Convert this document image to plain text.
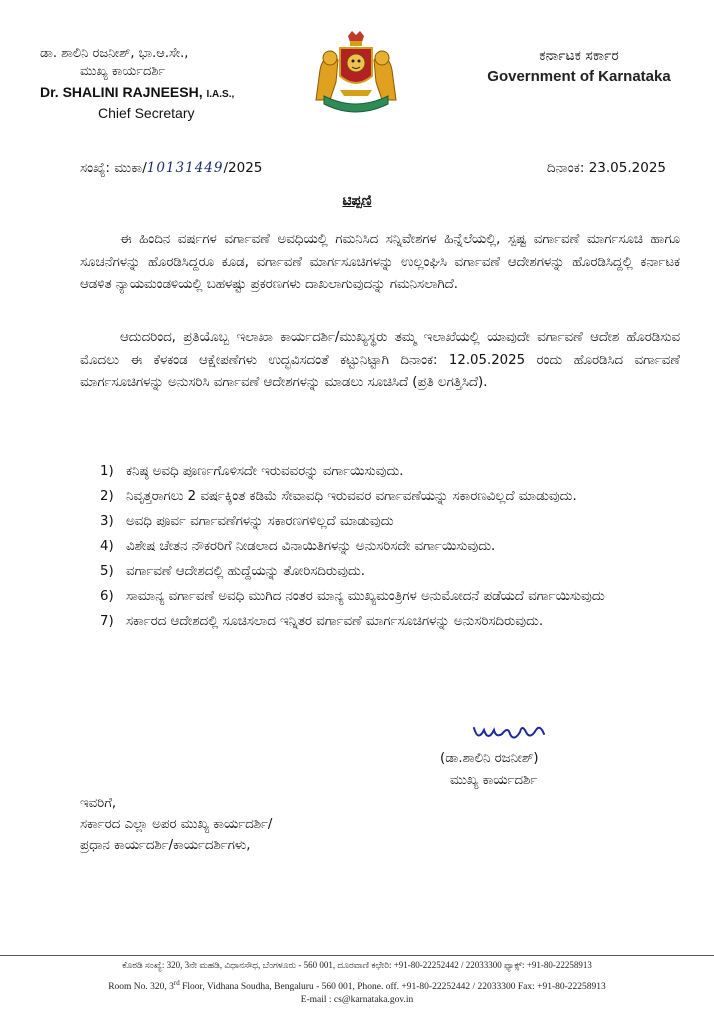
ಡಾ. ಶಾಲಿನಿ ರಜನೀಶ್, ಭಾ.ಆ.ಸೇ.,
ಮುಖ್ಯ ಕಾರ್ಯದರ್ಶಿ
Dr. SHALINI RAJNEESH, I.A.S.,
Chief Secretary
ಕರ್ನಾಟಕ ಸರ್ಕಾರ
Government of Karnataka
ಸಂಖ್ಯೆ: ಮುಕಾ/10131449/2025	ದಿನಾಂಕ: 23.05.2025
ಟಿಪ್ಪಣಿ
ಈ ಹಿಂದಿನ ವರ್ಷಗಳ ವರ್ಗಾವಣೆ ಅವಧಿಯಲ್ಲಿ ಗಮನಿಸಿದ ಸನ್ನಿವೇಶಗಳ ಹಿನ್ನೆಲೆಯಲ್ಲಿ, ಸ್ಪಷ್ಟ ವರ್ಗಾವಣೆ ಮಾರ್ಗಸೂಚಿ ಹಾಗೂ ಸೂಚನೆಗಳನ್ನು ಹೊರಡಿಸಿದ್ದರೂ ಕೂಡ, ವರ್ಗಾವಣೆ ಮಾರ್ಗಸೂಚಿಗಳನ್ನು ಉಲ್ಲಂಘಿಸಿ ವರ್ಗಾವಣೆ ಆದೇಶಗಳನ್ನು ಹೊರಡಿಸಿದ್ದಲ್ಲಿ ಕರ್ನಾಟಕ ಆಡಳಿತ ನ್ಯಾಯಮಂಡಳಿಯಲ್ಲಿ ಬಹಳಷ್ಟು ಪ್ರಕರಣಗಳು ದಾಖಲಾಗುವುದನ್ನು ಗಮನಿಸಲಾಗಿದೆ.
ಆದುದರಿಂದ, ಪ್ರತಿಯೊಬ್ಬ ಇಲಾಖಾ ಕಾರ್ಯದರ್ಶಿ/ಮುಖ್ಯಸ್ಥರು ತಮ್ಮ ಇಲಾಖೆಯಲ್ಲಿ ಯಾವುದೇ ವರ್ಗಾವಣೆ ಆದೇಶ ಹೊರಡಿಸುವ ಮೊದಲು ಈ ಕೆಳಕಂಡ ಆಕ್ಷೇಪಣೆಗಳು ಉದ್ಭವಿಸದಂತೆ ಕಟ್ಟುನಿಟ್ಟಾಗಿ ದಿನಾಂಕ: 12.05.2025 ರಂದು ಹೊರಡಿಸಿದ ವರ್ಗಾವಣೆ ಮಾರ್ಗಸೂಚಿಗಳನ್ನು ಅನುಸರಿಸಿ ವರ್ಗಾವಣೆ ಆದೇಶಗಳನ್ನು ಮಾಡಲು ಸೂಚಿಸಿದೆ (ಪ್ರತಿ ಲಗತ್ತಿಸಿದೆ).
1) ಕನಿಷ್ಠ ಅವಧಿ ಪೂರ್ಣಗೊಳಿಸದೇ ಇರುವವರನ್ನು ವರ್ಗಾಯಿಸುವುದು.
2) ನಿವೃತ್ತರಾಗಲು 2 ವರ್ಷಕ್ಕಿಂತ ಕಡಿಮೆ ಸೇವಾವಧಿ ಇರುವವರ ವರ್ಗಾವಣೆಯನ್ನು ಸಕಾರಣವಿಲ್ಲದೆ ಮಾಡುವುದು.
3) ಅವಧಿ ಪೂರ್ವ ವರ್ಗಾವಣೆಗಳನ್ನು ಸಕಾರಣಗಳಿಲ್ಲದೆ ಮಾಡುವುದು
4) ವಿಶೇಷ ಚೇತನ ನೌಕರರಿಗೆ ನೀಡಲಾದ ವಿನಾಯಿತಿಗಳನ್ನು ಅನುಸರಿಸದೇ ವರ್ಗಾಯಿಸುವುದು.
5) ವರ್ಗಾವಣೆ ಆದೇಶದಲ್ಲಿ ಹುದ್ದೆಯನ್ನು ತೋರಿಸದಿರುವುದು.
6) ಸಾಮಾನ್ಯ ವರ್ಗಾವಣೆ ಅವಧಿ ಮುಗಿದ ನಂತರ ಮಾನ್ಯ ಮುಖ್ಯಮಂತ್ರಿಗಳ ಅನುಮೋದನೆ ಪಡೆಯದೆ ವರ್ಗಾಯಿಸುವುದು
7) ಸರ್ಕಾರದ ಆದೇಶದಲ್ಲಿ ಸೂಚಿಸಲಾದ ಇನ್ನಿತರ ವರ್ಗಾವಣೆ ಮಾರ್ಗಸೂಚಿಗಳನ್ನು ಅನುಸರಿಸದಿರುವುದು.
(ಡಾ.ಶಾಲಿನಿ ರಜನೀಶ್)
ಮುಖ್ಯ ಕಾರ್ಯದರ್ಶಿ
ಇವರಿಗೆ,
ಸರ್ಕಾರದ ಎಲ್ಲಾ ಅಪರ ಮುಖ್ಯ ಕಾರ್ಯದರ್ಶಿ/
ಪ್ರಧಾನ ಕಾರ್ಯದರ್ಶಿ/ಕಾರ್ಯದರ್ಶಿಗಳು,
ಕೊಠಡಿ ಸಂಖ್ಯೆ: 320, 3ನೇ ಮಹಡಿ, ವಿಧಾನಸೌಧ, ಬೆಂಗಳೂರು - 560 001, ದೂರವಾಣಿ ಕಛೇರಿ: +91-80-22252442 / 22033300 ಫ್ಯಾಕ್ಸ್: +91-80-22258913
Room No. 320, 3rd Floor, Vidhana Soudha, Bengaluru - 560 001, Phone. off. +91-80-22252442 / 22033300 Fax: +91-80-22258913
E-mail : cs@karnataka.gov.in
